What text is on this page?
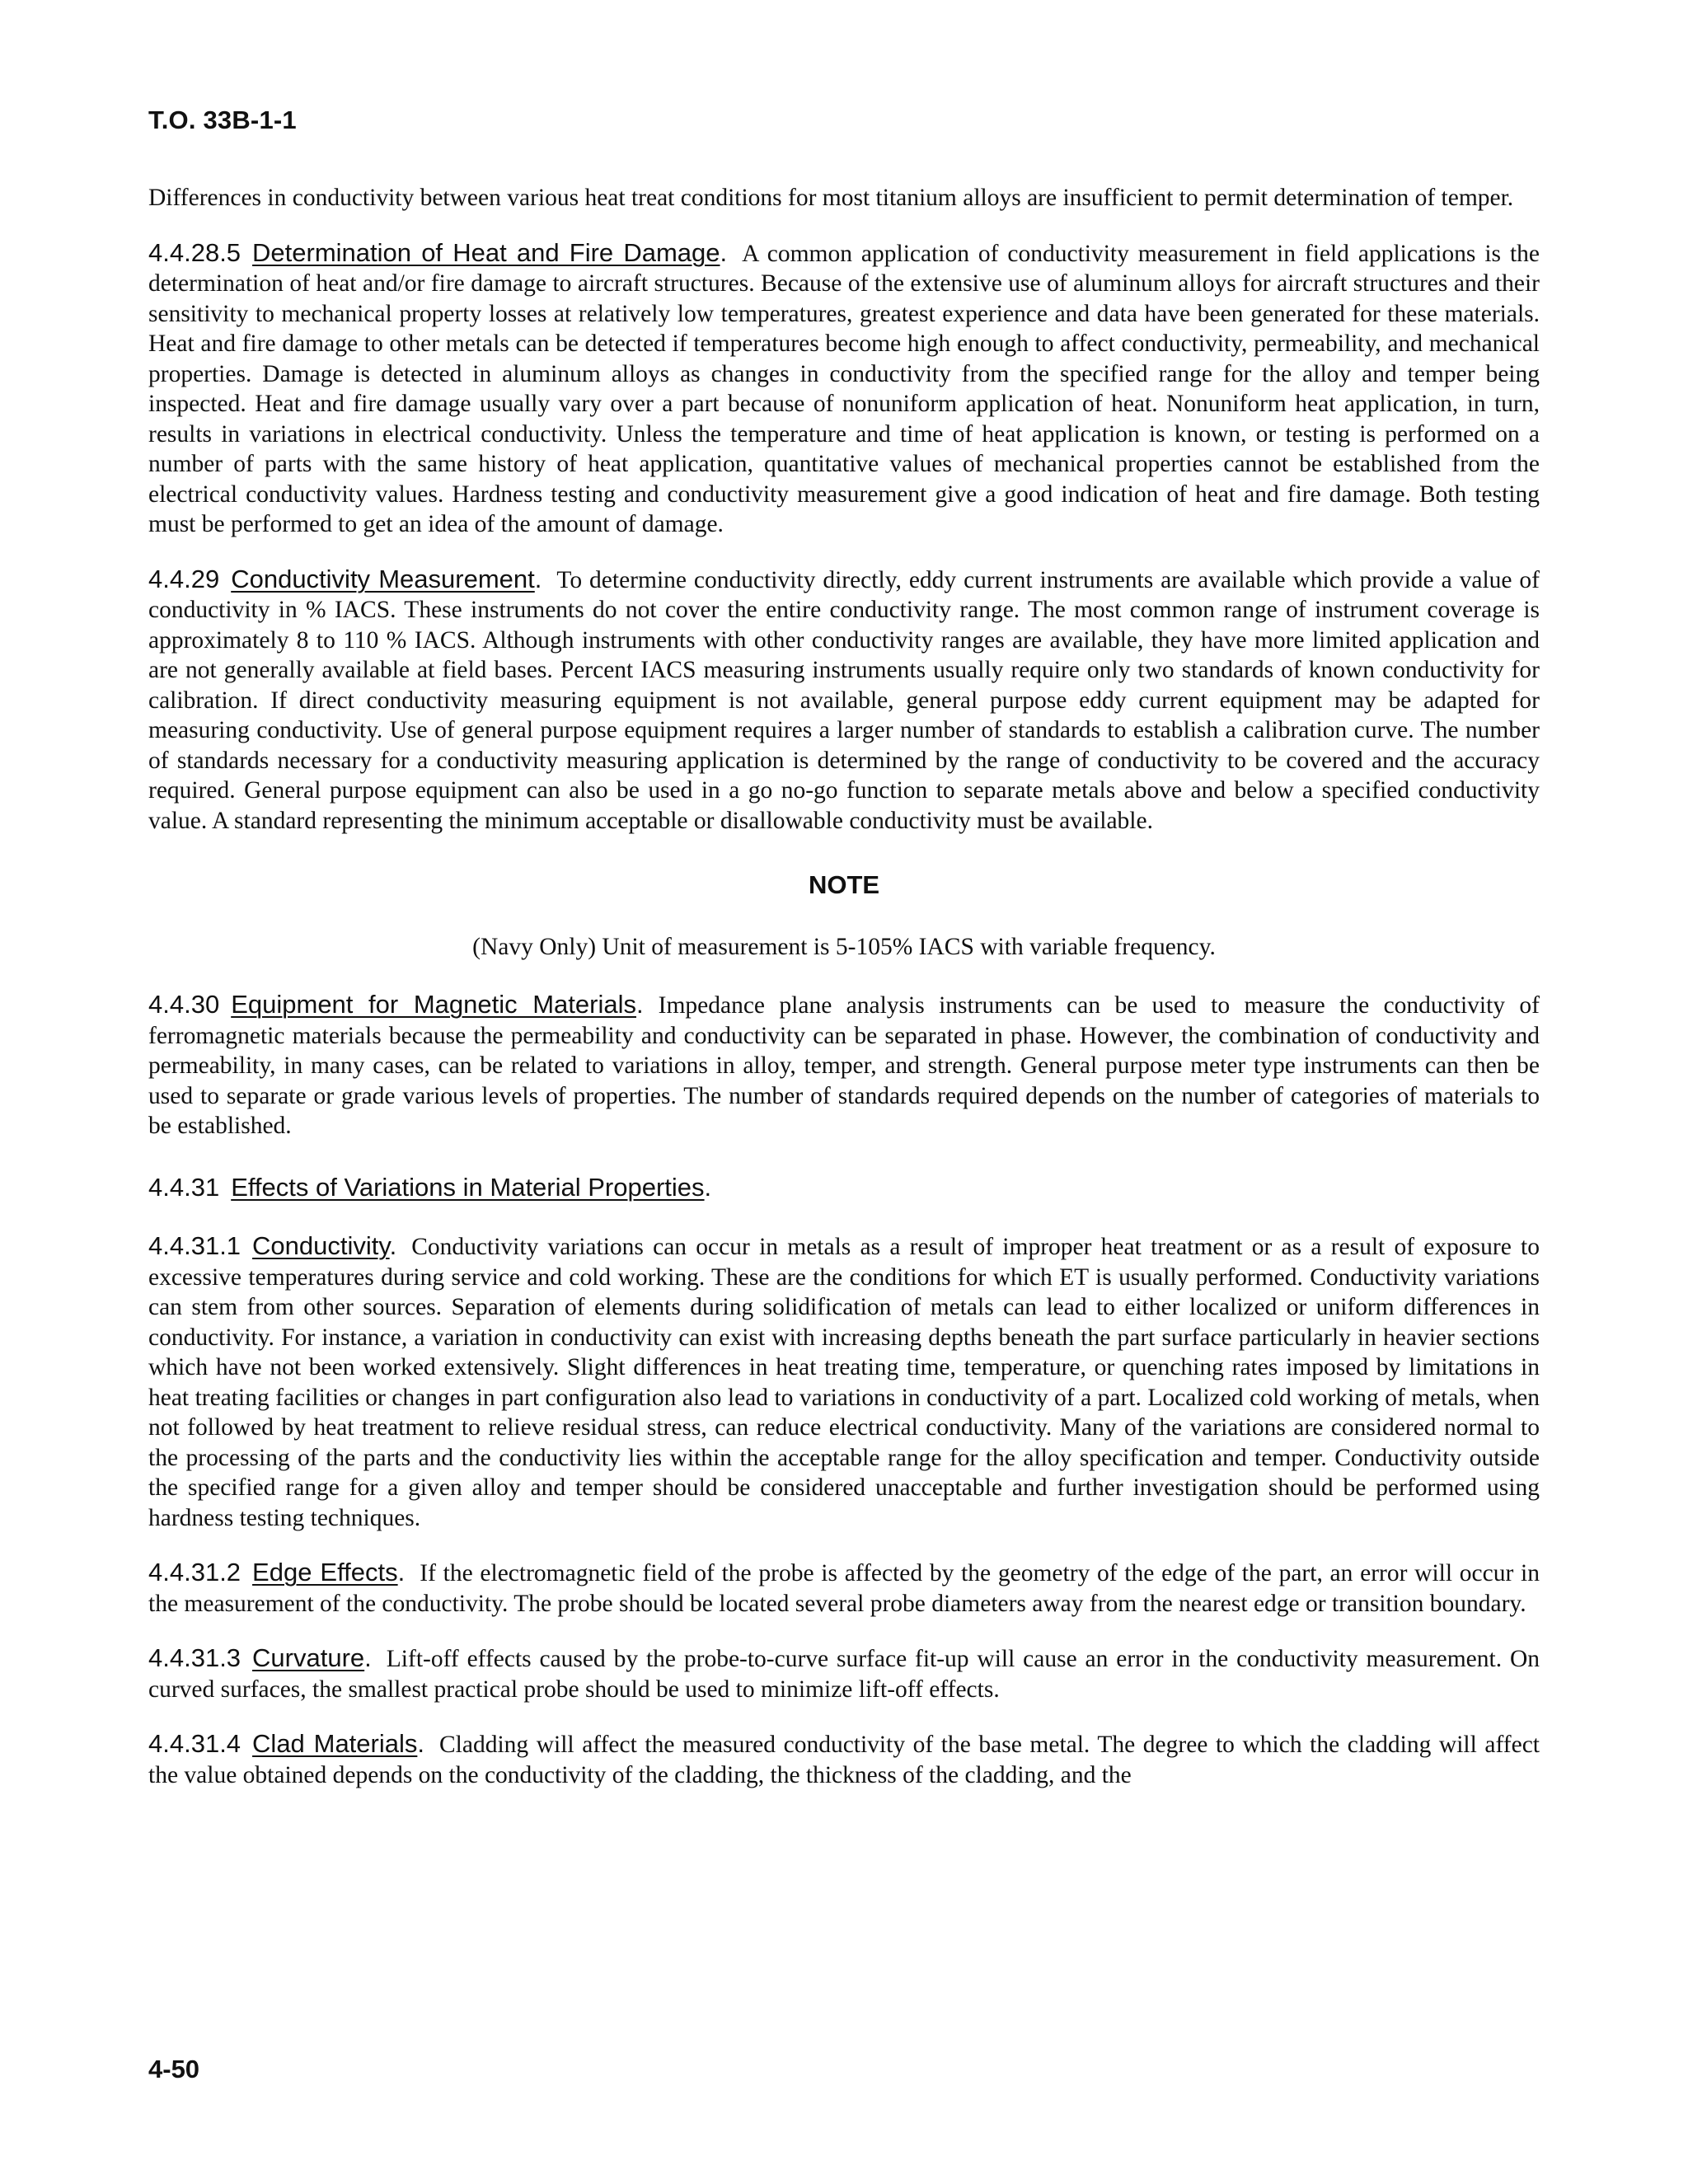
T.O. 33B-1-1

Differences in conductivity between various heat treat conditions for most titanium alloys are insufficient to permit determination of temper.

4.4.28.5 Determination of Heat and Fire Damage. A common application of conductivity measurement in field applications is the determination of heat and/or fire damage to aircraft structures. Because of the extensive use of aluminum alloys for aircraft structures and their sensitivity to mechanical property losses at relatively low temperatures, greatest experience and data have been generated for these materials. Heat and fire damage to other metals can be detected if temperatures become high enough to affect conductivity, permeability, and mechanical properties. Damage is detected in aluminum alloys as changes in conductivity from the specified range for the alloy and temper being inspected. Heat and fire damage usually vary over a part because of nonuniform application of heat. Nonuniform heat application, in turn, results in variations in electrical conductivity. Unless the temperature and time of heat application is known, or testing is performed on a number of parts with the same history of heat application, quantitative values of mechanical properties cannot be established from the electrical conductivity values. Hardness testing and conductivity measurement give a good indication of heat and fire damage. Both testing must be performed to get an idea of the amount of damage.

4.4.29 Conductivity Measurement. To determine conductivity directly, eddy current instruments are available which provide a value of conductivity in % IACS. These instruments do not cover the entire conductivity range. The most common range of instrument coverage is approximately 8 to 110 % IACS. Although instruments with other conductivity ranges are available, they have more limited application and are not generally available at field bases. Percent IACS measuring instruments usually require only two standards of known conductivity for calibration. If direct conductivity measuring equipment is not available, general purpose eddy current equipment may be adapted for measuring conductivity. Use of general purpose equipment requires a larger number of standards to establish a calibration curve. The number of standards necessary for a conductivity measuring application is determined by the range of conductivity to be covered and the accuracy required. General purpose equipment can also be used in a go no-go function to separate metals above and below a specified conductivity value. A standard representing the minimum acceptable or disallowable conductivity must be available.

NOTE

(Navy Only) Unit of measurement is 5-105% IACS with variable frequency.

4.4.30 Equipment for Magnetic Materials. Impedance plane analysis instruments can be used to measure the conductivity of ferromagnetic materials because the permeability and conductivity can be separated in phase. However, the combination of conductivity and permeability, in many cases, can be related to variations in alloy, temper, and strength. General purpose meter type instruments can then be used to separate or grade various levels of properties. The number of standards required depends on the number of categories of materials to be established.

4.4.31 Effects of Variations in Material Properties.

4.4.31.1 Conductivity. Conductivity variations can occur in metals as a result of improper heat treatment or as a result of exposure to excessive temperatures during service and cold working. These are the conditions for which ET is usually performed. Conductivity variations can stem from other sources. Separation of elements during solidification of metals can lead to either localized or uniform differences in conductivity. For instance, a variation in conductivity can exist with increasing depths beneath the part surface particularly in heavier sections which have not been worked extensively. Slight differences in heat treating time, temperature, or quenching rates imposed by limitations in heat treating facilities or changes in part configuration also lead to variations in conductivity of a part. Localized cold working of metals, when not followed by heat treatment to relieve residual stress, can reduce electrical conductivity. Many of the variations are considered normal to the processing of the parts and the conductivity lies within the acceptable range for the alloy specification and temper. Conductivity outside the specified range for a given alloy and temper should be considered unacceptable and further investigation should be performed using hardness testing techniques.

4.4.31.2 Edge Effects. If the electromagnetic field of the probe is affected by the geometry of the edge of the part, an error will occur in the measurement of the conductivity. The probe should be located several probe diameters away from the nearest edge or transition boundary.

4.4.31.3 Curvature. Lift-off effects caused by the probe-to-curve surface fit-up will cause an error in the conductivity measurement. On curved surfaces, the smallest practical probe should be used to minimize lift-off effects.

4.4.31.4 Clad Materials. Cladding will affect the measured conductivity of the base metal. The degree to which the cladding will affect the value obtained depends on the conductivity of the cladding, the thickness of the cladding, and the

4-50
